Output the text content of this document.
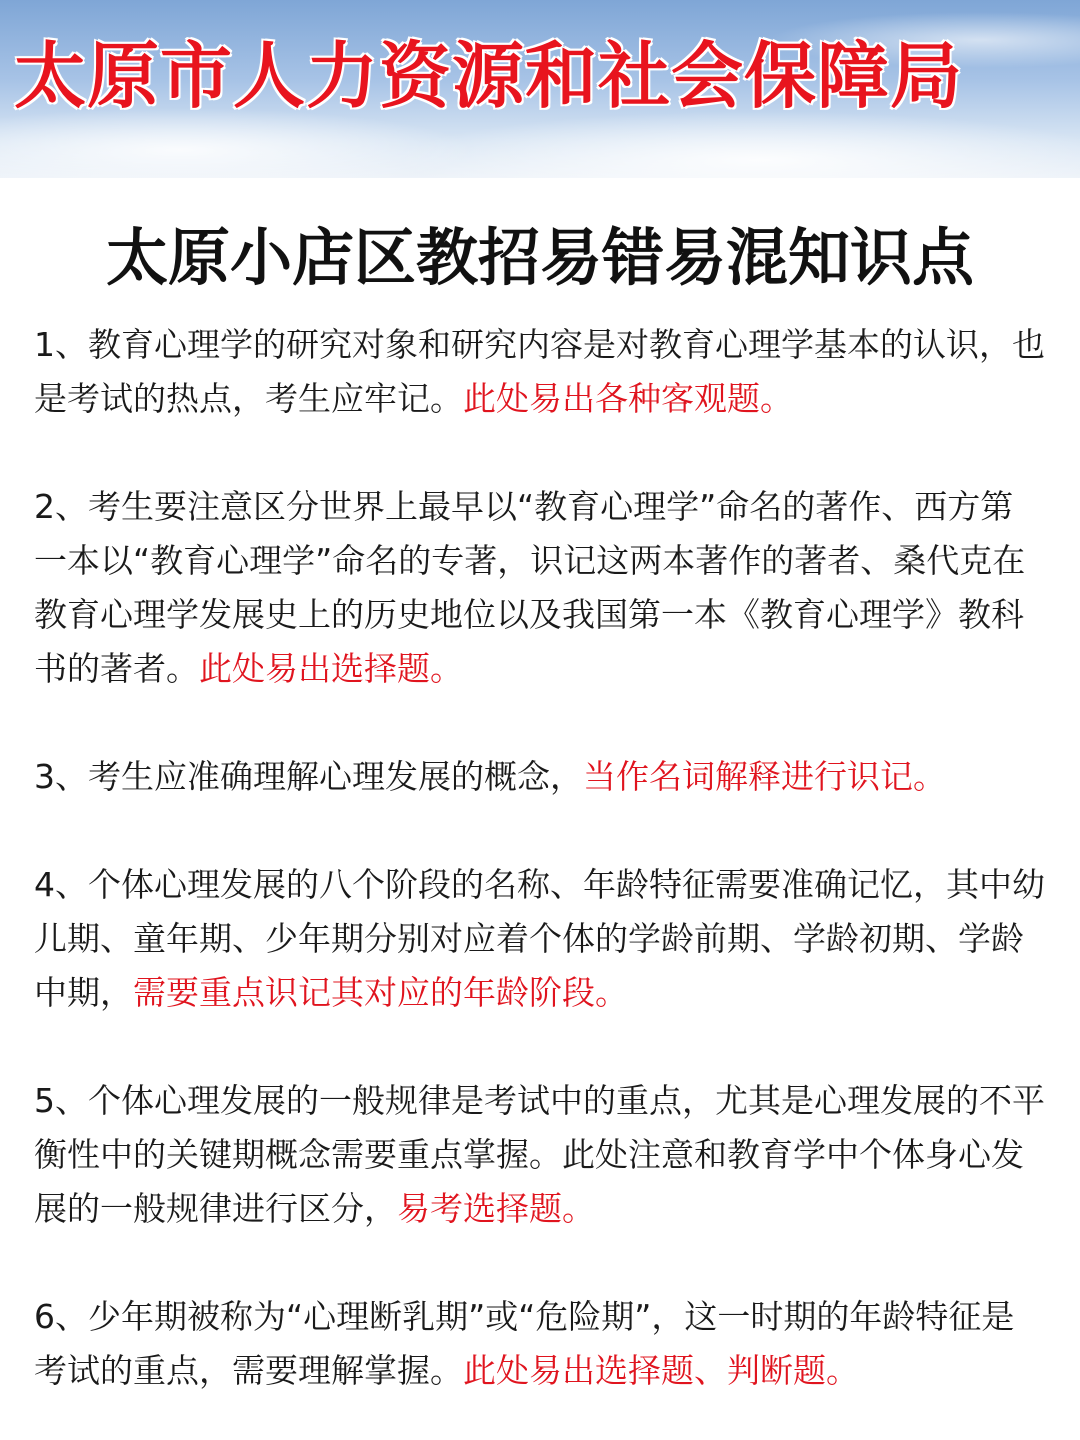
太原市人力资源和社会保障局
太原小店区教招易错易混知识点

1、教育心理学的研究对象和研究内容是对教育心理学基本的认识，也是考试的热点，考生应牢记。此处易出各种客观题。

2、考生要注意区分世界上最早以“教育心理学”命名的著作、西方第一本以“教育心理学”命名的专著，识记这两本著作的著者、桑代克在教育心理学发展史上的历史地位以及我国第一本《教育心理学》教科书的著者。此处易出选择题。

3、考生应准确理解心理发展的概念，当作名词解释进行识记。

4、个体心理发展的八个阶段的名称、年龄特征需要准确记忆，其中幼儿期、童年期、少年期分别对应着个体的学龄前期、学龄初期、学龄中期，需要重点识记其对应的年龄阶段。

5、个体心理发展的一般规律是考试中的重点，尤其是心理发展的不平衡性中的关键期概念需要重点掌握。此处注意和教育学中个体身心发展的一般规律进行区分，易考选择题。

6、少年期被称为“心理断乳期”或“危险期”，这一时期的年龄特征是考试的重点，需要理解掌握。此处易出选择题、判断题。
